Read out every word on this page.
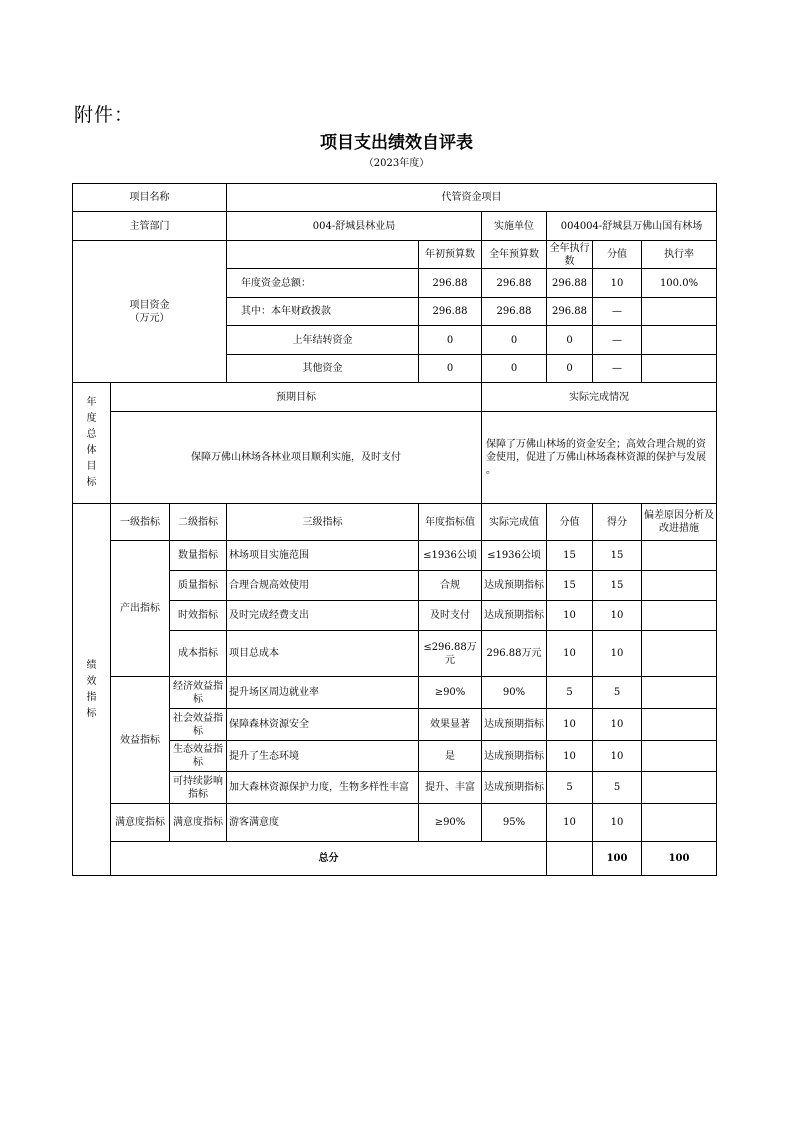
附件：
项目支出绩效自评表
（2023年度）
项目名称			代管资金项目						
主管部门			004-舒城县林业局		实施单位	004004-舒城县万佛山国有林场			

项目资金
（万元）				年初预算数	全年预算数	全年执行数	分值	执行率	
			年度资金总额：	296.88	296.88	296.88	10	100.0%	
			其中：本年财政拨款	296.88	296.88	296.88	—		
			上年结转资金	0	0	0	—		
			其他资金	0	0	0	—		

年度总体目标	预期目标				实际完成情况				
	保障万佛山林场各林业项目顺利实施，及时支付				保障了万佛山林场的资金安全；高效合理合规的资金使用，促进了万佛山林场森林资源的保护与发展 。				

绩效指标	一级指标	二级指标	三级指标	年度指标值	实际完成值	分值	得分	偏差原因分析及改进措施	
	产出指标	数量指标	林场项目实施范围	≤1936公顷	≤1936公顷	15	15		
		质量指标	合理合规高效使用	合规	达成预期指标	15	15		
		时效指标	及时完成经费支出	及时支付	达成预期指标	10	10		
		成本指标	项目总成本	≤296.88万元	296.88万元	10	10		
	效益指标	经济效益指标	提升场区周边就业率	≥90%	90%	5	5		
		社会效益指标	保障森林资源安全	效果显著	达成预期指标	10	10		
		生态效益指标	提升了生态环境	是	达成预期指标	10	10		
		可持续影响指标	加大森林资源保护力度，生物多样性丰富	提升、丰富	达成预期指标	5	5		
	满意度指标	满意度指标	游客满意度	≥90%	95%	10	10		
	总分						100	100	
